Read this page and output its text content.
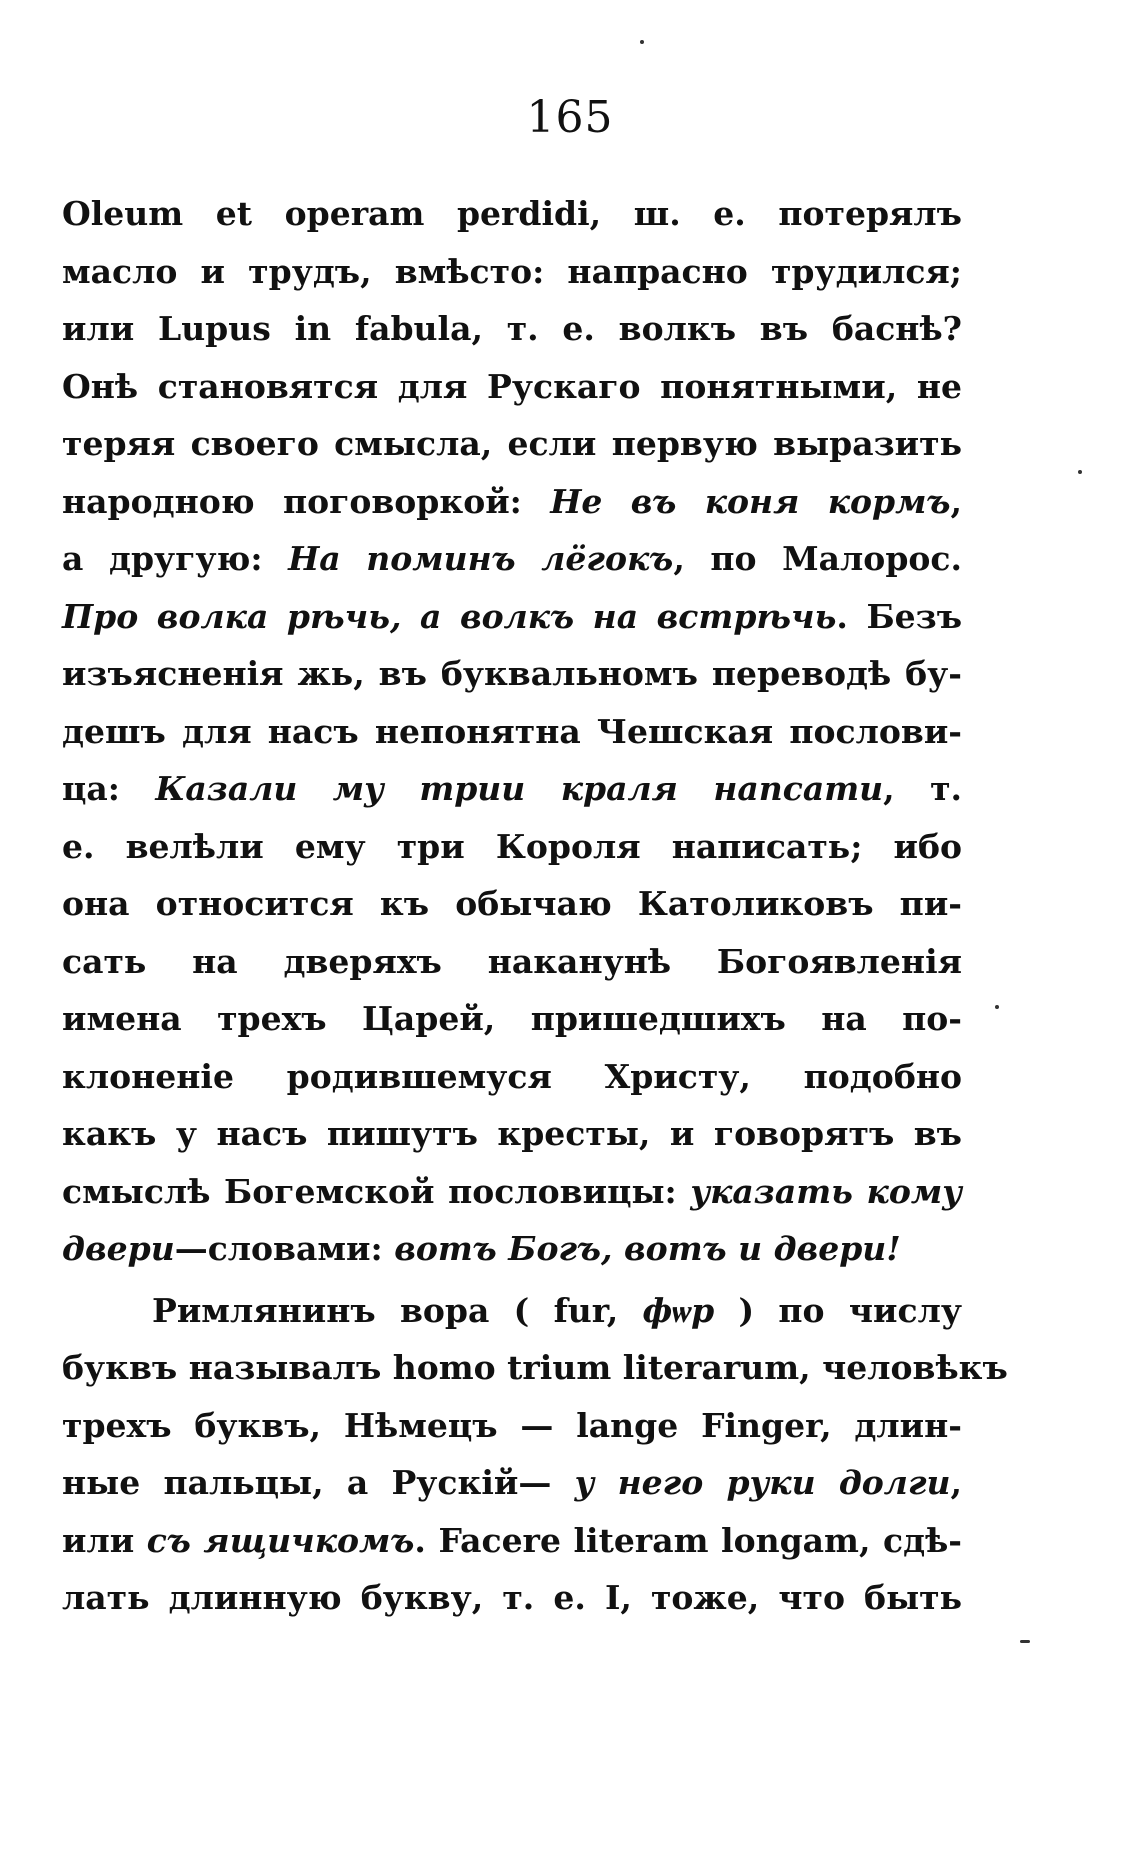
165
Oleum et operam perdidi, ш. е. потерялъ
масло и трудъ, вмѣсто: напрасно трудился;
или Lupus in fabula, т. е. волкъ въ баснѣ?
Онѣ становятся для Рускаго понятными, не
теряя своего смысла, если первую выразить
народною поговоркой: Не въ коня кормъ,
а другую: На поминъ лёгокъ, по Малорос.
Про волка рѣчь, а волкъ на встрѣчь. Безъ
изъясненія жь, въ буквальномъ переводѣ бу-
дешъ для насъ непонятна Чешская послови-
ца: Казали му трии краля напсати, т.
е. велѣли ему три Короля написать; ибо
она относится къ обычаю Католиковъ пи-
сать на дверяхъ наканунѣ Богоявленія
имена трехъ Царей, пришедшихъ на по-
клоненіе родившемуся Христу, подобно
какъ у насъ пишутъ кресты, и говорятъ въ
смыслѣ Богемской пословицы: указать кому
двери—словами: вотъ Богъ, вотъ и двери!
Римлянинъ вора ( fur, фѡр ) по числу
буквъ называлъ homo trium literarum, человѣкъ
трехъ буквъ, Нѣмецъ — lange Finger, длин-
ные пальцы, а Рускій— у него руки долги,
или съ ящичкомъ. Facere literam longam, сдѣ-
лать длинную букву, т. е. I, тоже, что быть
